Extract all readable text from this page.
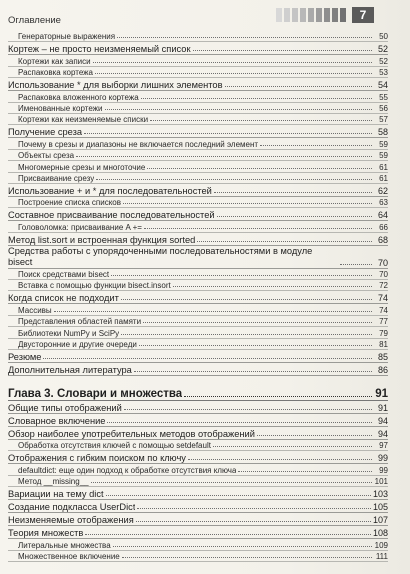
Оглавление	7
Генераторные выражения	50
Кортеж – не просто неизменяемый список	52
Кортежи как записи	52
Распаковка кортежа	53
Использование * для выборки лишних элементов	54
Распаковка вложенного кортежа	55
Именованные кортежи	56
Кортежи как неизменяемые списки	57
Получение среза	58
Почему в срезы и диапазоны не включается последний элемент	59
Объекты среза	59
Многомерные срезы и многоточие	61
Присваивание срезу	61
Использование + и * для последовательностей	62
Построение списка списков	63
Составное присваивание последовательностей	64
Головоломка: присваивание A +=	66
Метод list.sort и встроенная функция sorted	68
Средства работы с упорядоченными последовательностями в модуле bisect	70
Поиск средствами bisect	70
Вставка с помощью функции bisect.insort	72
Когда список не подходит	74
Массивы	74
Представления областей памяти	77
Библиотеки NumPy и SciPy	79
Двусторонние и другие очереди	81
Резюме	85
Дополнительная литература	86
Глава 3. Словари и множества	91
Общие типы отображений	91
Словарное включение	94
Обзор наиболее употребительных методов отображений	94
Обработка отсутствия ключей с помощью setdefault	97
Отображения с гибким поиском по ключу	99
defaultdict: еще один подход к обработке отсутствия ключа	99
Метод __missing__	101
Вариации на тему dict	103
Создание подкласса UserDict	105
Неизменяемые отображения	107
Теория множеств	108
Литеральные множества	109
Множественное включение	111
